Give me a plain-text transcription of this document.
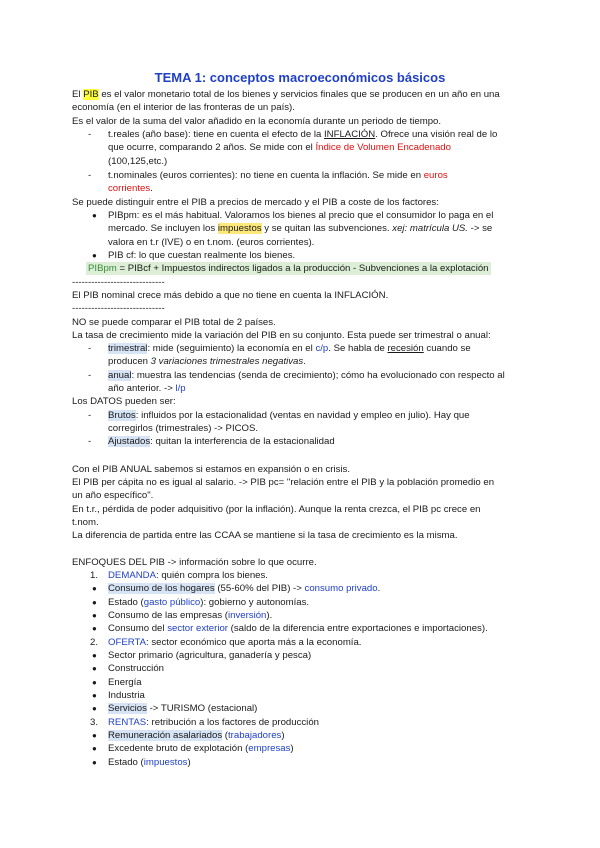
TEMA 1: conceptos macroeconómicos básicos

El PIB es el valor monetario total de los bienes y servicios finales que se producen en un año en una

economía (en el interior de las fronteras de un país).

Es el valor de la suma del valor añadido en la economía durante un periodo de tiempo.

- t.reales (año base): tiene en cuenta el efecto de la INFLACIÓN. Ofrece una visión real de lo

que ocurre, comparando 2 años. Se mide con el Índice de Volumen Encadenado

(100,125,etc.)

- t.nominales (euros corrientes): no tiene en cuenta la inflación. Se mide en euros

corrientes.

Se puede distinguir entre el PIB a precios de mercado y el PIB a coste de los factores:

● PIBpm: es el más habitual. Valoramos los bienes al precio que el consumidor lo paga en el

mercado. Se incluyen los impuestos y se quitan las subvenciones. xej: matrícula US. -> se

valora en t.r (IVE) o en t.nom. (euros corrientes).

● PIB cf: lo que cuestan realmente los bienes.

PIBpm = PIBcf + Impuestos indirectos ligados a la producción - Subvenciones a la explotación

-----------------------------

El PIB nominal crece más debido a que no tiene en cuenta la INFLACIÓN.

-----------------------------

NO se puede comparar el PIB total de 2 países.

La tasa de crecimiento mide la variación del PIB en su conjunto. Esta puede ser trimestral o anual:

- trimestral: mide (seguimiento) la economía en el c/p. Se habla de recesión cuando se

producen 3 variaciones trimestrales negativas.

- anual: muestra las tendencias (senda de crecimiento); cómo ha evolucionado con respecto al

año anterior. -> l/p

Los DATOS pueden ser:

- Brutos: influidos por la estacionalidad (ventas en navidad y empleo en julio). Hay que

corregirlos (trimestrales) -> PICOS.

- Ajustados: quitan la interferencia de la estacionalidad

Con el PIB ANUAL sabemos si estamos en expansión o en crisis.

El PIB per cápita no es igual al salario. -> PIB pc= "relación entre el PIB y la población promedio en

un año específico".

En t.r., pérdida de poder adquisitivo (por la inflación). Aunque la renta crezca, el PIB pc crece en

t.nom.

La diferencia de partida entre las CCAA se mantiene si la tasa de crecimiento es la misma.

ENFOQUES DEL PIB -> información sobre lo que ocurre.

1. DEMANDA: quién compra los bienes.

● Consumo de los hogares (55-60% del PIB) -> consumo privado.

● Estado (gasto público): gobierno y autonomías.

● Consumo de las empresas (inversión).

● Consumo del sector exterior (saldo de la diferencia entre exportaciones e importaciones).

2. OFERTA: sector económico que aporta más a la economía.

● Sector primario (agricultura, ganadería y pesca)

● Construcción

● Energía

● Industria

● Servicios -> TURISMO (estacional)

3. RENTAS: retribución a los factores de producción

● Remuneración asalariados (trabajadores)

● Excedente bruto de explotación (empresas)

● Estado (impuestos)
